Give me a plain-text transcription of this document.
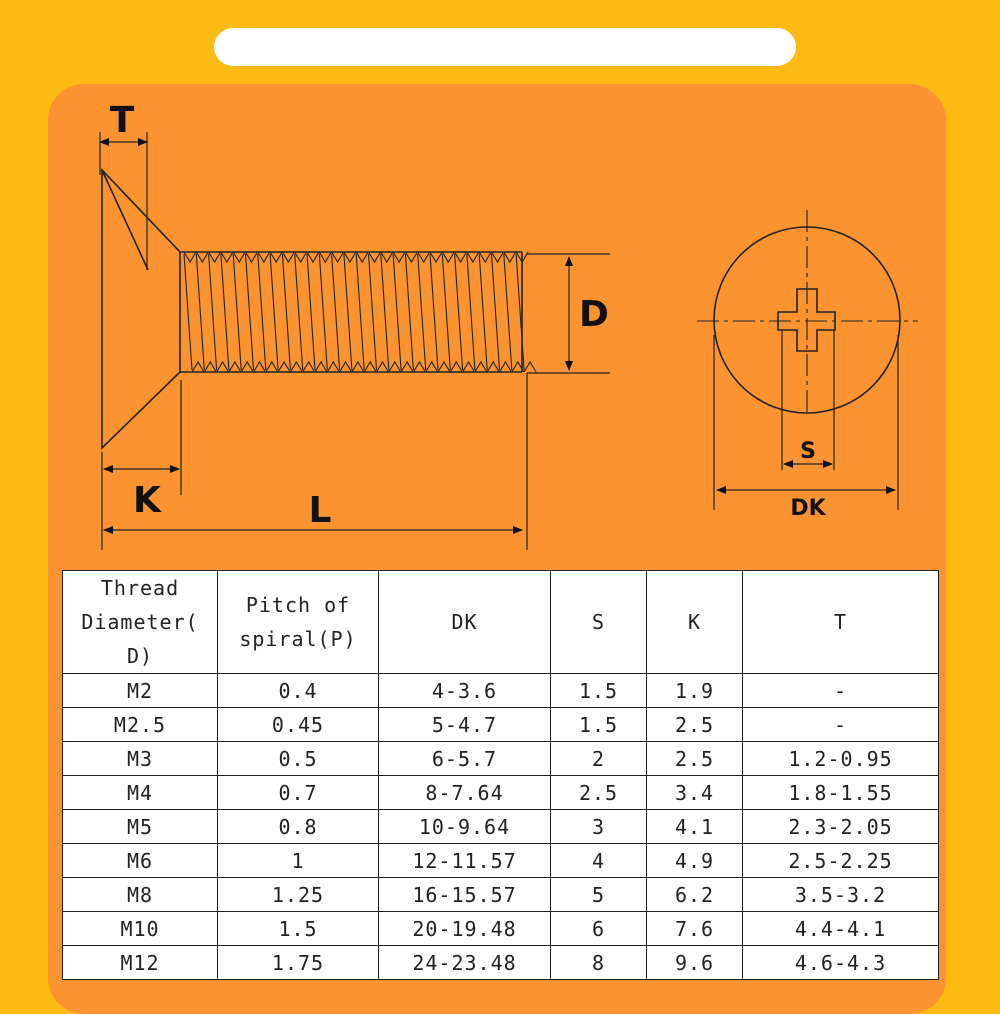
T
D
K	L
S
DK
Thread Diameter( D)	Pitch of spiral(P)	DK	S	K	T
M2	0.4	4-3.6	1.5	1.9	-
M2.5	0.45	5-4.7	1.5	2.5	-
M3	0.5	6-5.7	2	2.5	1.2-0.95
M4	0.7	8-7.64	2.5	3.4	1.8-1.55
M5	0.8	10-9.64	3	4.1	2.3-2.05
M6	1	12-11.57	4	4.9	2.5-2.25
M8	1.25	16-15.57	5	6.2	3.5-3.2
M10	1.5	20-19.48	6	7.6	4.4-4.1
M12	1.75	24-23.48	8	9.6	4.6-4.3
